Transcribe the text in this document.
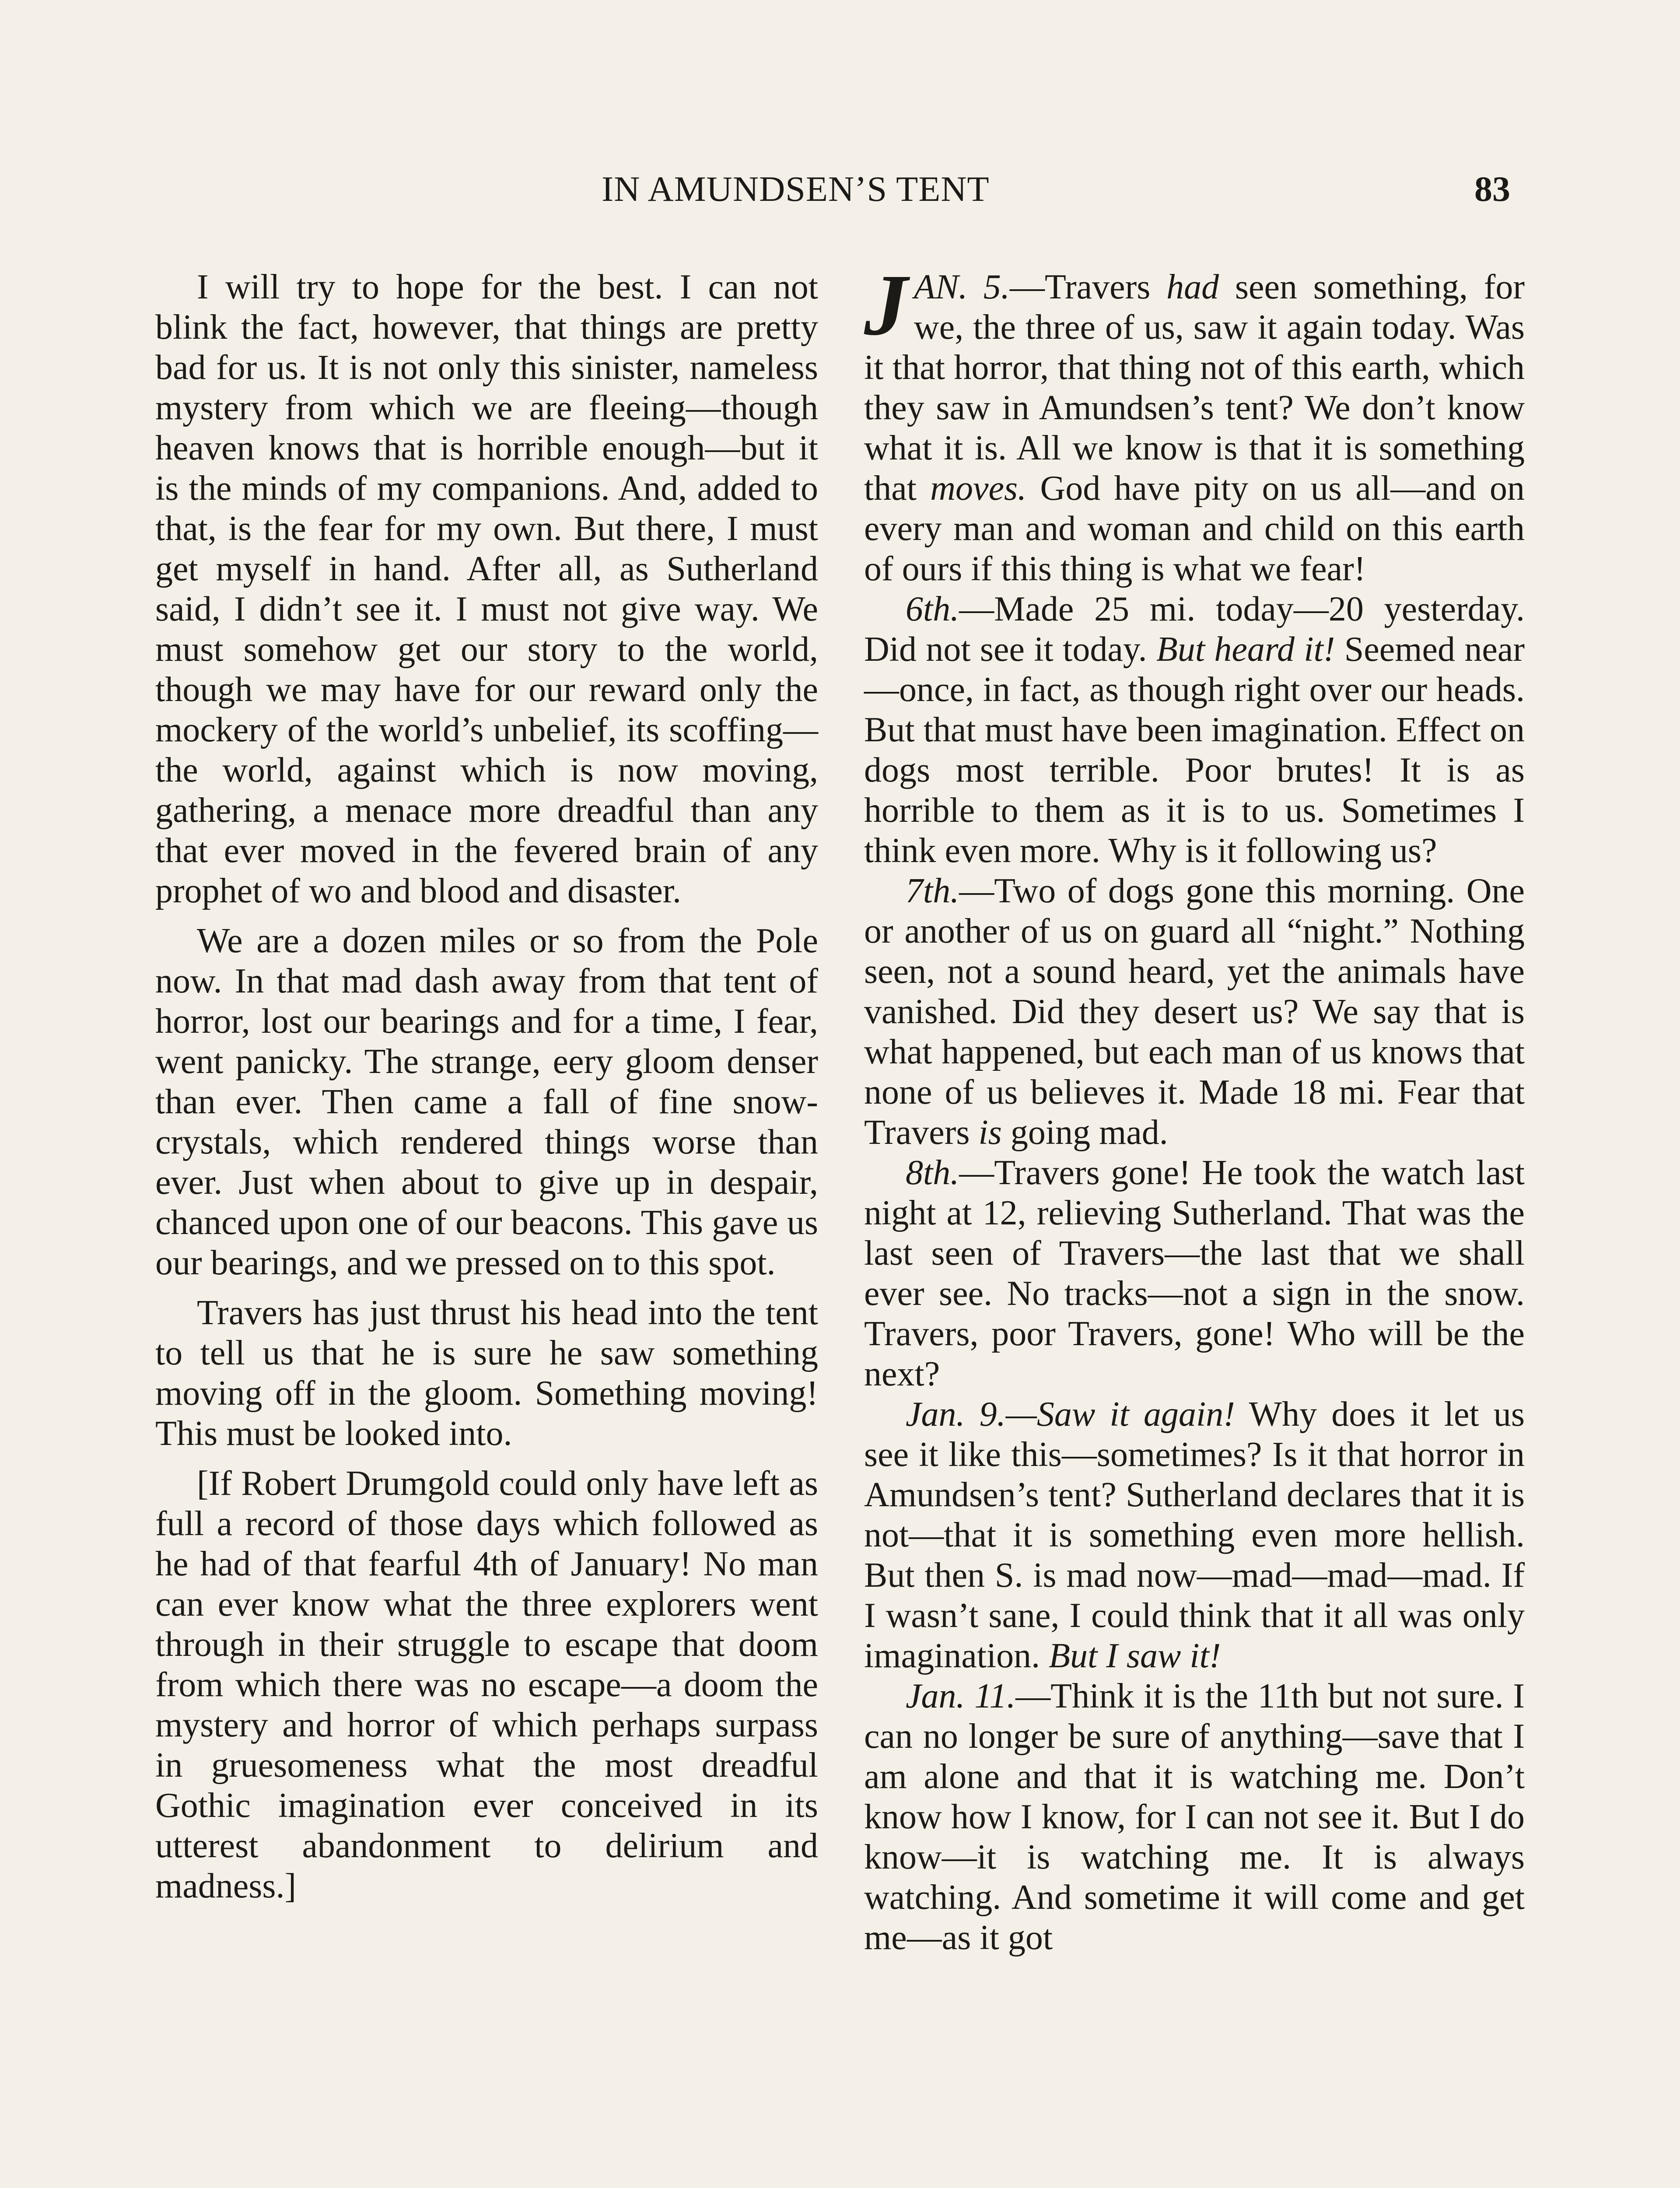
IN AMUNDSEN’S TENT	83

I will try to hope for the best. I can not blink the fact, however, that things are pretty bad for us. It is not only this sinister, nameless mystery from which we are fleeing––though heaven knows that is horrible enough—but it is the minds of my companions. And, added to that, is the fear for my own. But there, I must get myself in hand. After all, as Sutherland said, I didn’t see it. I must not give way. We must somehow get our story to the world, though we may have for our reward only the mockery of the world’s unbelief, its scoffing—the world, against which is now moving, gathering, a menace more dreadful than any that ever moved in the fevered brain of any prophet of wo and blood and disaster.

We are a dozen miles or so from the Pole now. In that mad dash away from that tent of horror, lost our bearings and for a time, I fear, went panicky. The strange, eery gloom denser than ever. Then came a fall of fine snow-crystals, which rendered things worse than ever. Just when about to give up in despair, chanced upon one of our beacons. This gave us our bearings, and we pressed on to this spot.

Travers has just thrust his head into the tent to tell us that he is sure he saw something moving off in the gloom. Something moving! This must be looked into.

[If Robert Drumgold could only have left as full a record of those days which followed as he had of that fearful 4th of January! No man can ever know what the three explorers went through in their struggle to escape that doom from which there was no escape—a doom the mystery and horror of which perhaps surpass in gruesomeness what the most dreadful Gothic imagination ever conceived in its utterest abandonment to delirium and madness.]

JAN. 5.—Travers had seen something, for we, the three of us, saw it again today. Was it that horror, that thing not of this earth, which they saw in Amundsen’s tent? We don’t know what it is. All we know is that it is something that moves. God have pity on us all—and on every man and woman and child on this earth of ours if this thing is what we fear!

6th.—Made 25 mi. today—20 yesterday. Did not see it today. But heard it! Seemed near—once, in fact, as though right over our heads. But that must have been imagination. Effect on dogs most terrible. Poor brutes! It is as horrible to them as it is to us. Sometimes I think even more. Why is it following us?

7th.—Two of dogs gone this morning. One or another of us on guard all “night.” Nothing seen, not a sound heard, yet the animals have vanished. Did they desert us? We say that is what happened, but each man of us knows that none of us believes it. Made 18 mi. Fear that Travers is going mad.

8th.—Travers gone! He took the watch last night at 12, relieving Sutherland. That was the last seen of Travers—the last that we shall ever see. No tracks—not a sign in the snow. Travers, poor Travers, gone! Who will be the next?

Jan. 9.—Saw it again! Why does it let us see it like this—sometimes? Is it that horror in Amundsen’s tent? Sutherland declares that it is not—that it is something even more hellish. But then S. is mad now—mad—mad—mad. If I wasn’t sane, I could think that it all was only imagination. But I saw it!

Jan. 11.—Think it is the 11th but not sure. I can no longer be sure of anything—save that I am alone and that it is watching me. Don’t know how I know, for I can not see it. But I do know—it is watching me. It is always watching. And sometime it will come and get me—as it got
